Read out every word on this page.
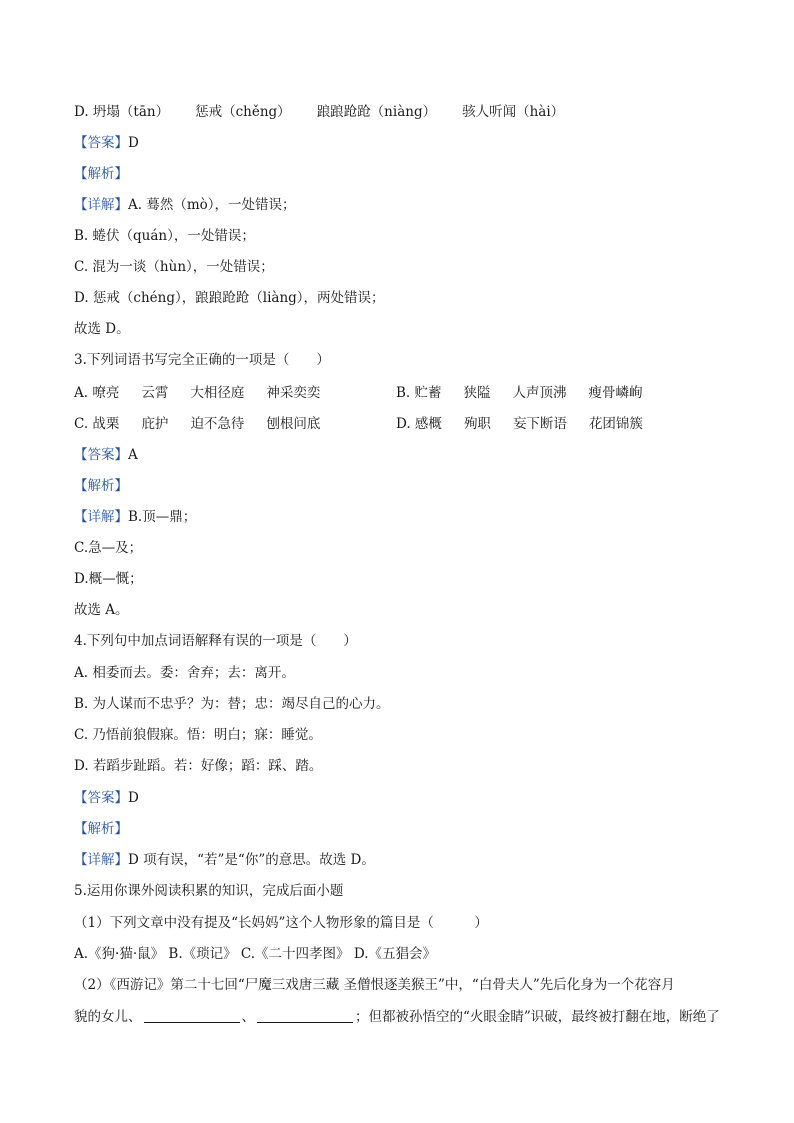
D. 坍塌（tān） 惩戒（chěng） 踉踉跄跄（niàng） 骇人听闻（hài）
【答案】D
【解析】
【详解】A. 蓦然（mò），一处错误；
B. 蜷伏（quán），一处错误；
C. 混为一谈（hùn），一处错误；
D. 惩戒（chéng），踉踉跄跄（liàng），两处错误；
故选 D。
3.下列词语书写完全正确的一项是（　　）
A. 嘹亮 云霄 大相径庭 神采奕奕	B. 贮蓄 狭隘 人声顶沸 瘦骨嶙峋
C. 战栗 庇护 迫不急待 刨根问底	D. 感概 殉职 妄下断语 花团锦簇
【答案】A
【解析】
【详解】B.顶—鼎；
C.急—及；
D.概—慨；
故选 A。
4.下列句中加点词语解释有误的一项是（　　）
A. 相委而去。委：舍弃；去：离开。
B. 为人谋而不忠乎？为：替；忠：竭尽自己的心力。
C. 乃悟前狼假寐。悟：明白；寐：睡觉。
D. 若蹈步趾蹈。若：好像；蹈：踩、踏。
【答案】D
【解析】
【详解】D 项有误，“若”是“你”的意思。故选 D。
5.运用你课外阅读积累的知识，完成后面小题
（1）下列文章中没有提及“长妈妈”这个人物形象的篇目是（　　　）
A.《狗·猫·鼠》 B.《琐记》 C.《二十四孝图》 D.《五猖会》
（2）《西游记》第二十七回“尸魔三戏唐三藏 圣僧恨逐美猴王”中，“白骨夫人”先后化身为一个花容月
貌的女儿、	、	；但都被孙悟空的“火眼金睛”识破，最终被打翻在地，断绝了
